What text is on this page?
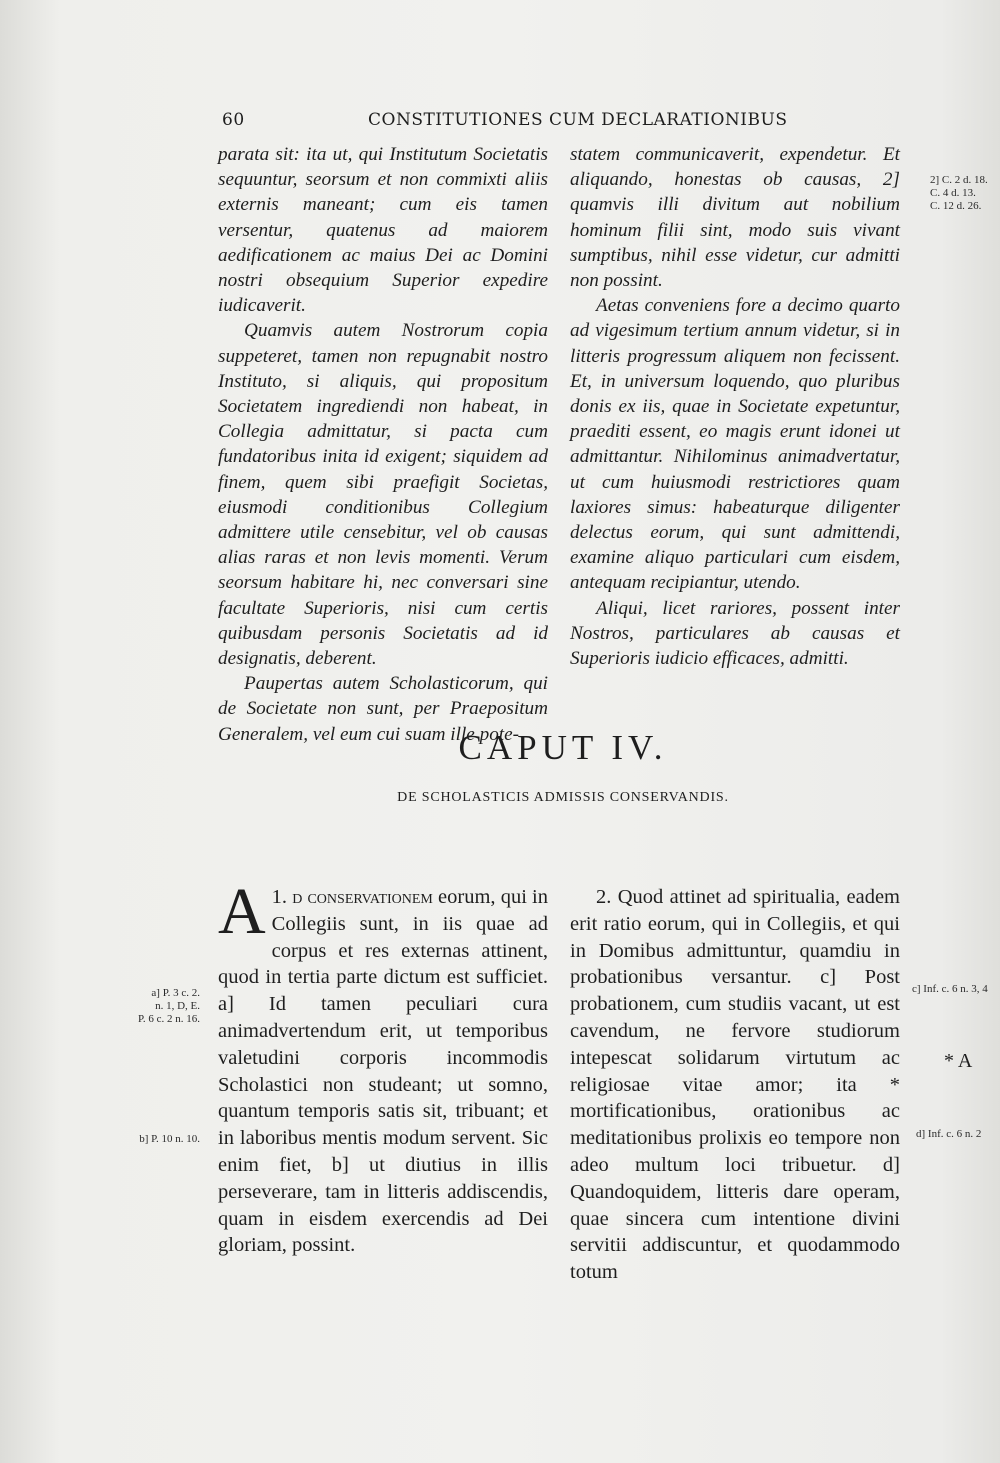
60	CONSTITUTIONES CUM DECLARATIONIBUS

parata sit: ita ut, qui Institutum Societatis sequuntur, seorsum et non commixti aliis externis maneant; cum eis tamen versentur, quatenus ad maiorem aedificationem ac maius Dei ac Domini nostri obsequium Superior expedire iudicaverit.

Quamvis autem Nostrorum copia suppeteret, tamen non repugnabit nostro Instituto, si aliquis, qui propositum Societatem ingrediendi non habeat, in Collegia admittatur, si pacta cum fundatoribus inita id exigent; siquidem ad finem, quem sibi praefigit Societas, eiusmodi conditionibus Collegium admittere utile censebitur, vel ob causas alias raras et non levis momenti. Verum seorsum habitare hi, nec conversari sine facultate Superioris, nisi cum certis quibusdam personis Societatis ad id designatis, deberent.

Paupertas autem Scholasticorum, qui de Societate non sunt, per Praepositum Generalem, vel eum cui suam ille pote-

statem communicaverit, expendetur. Et aliquando, honestas ob causas, 2] quamvis illi divitum aut nobilium hominum filii sint, modo suis vivant sumptibus, nihil esse videtur, cur admitti non possint.

Aetas conveniens fore a decimo quarto ad vigesimum tertium annum videtur, si in litteris progressum aliquem non fecissent. Et, in universum loquendo, quo pluribus donis ex iis, quae in Societate expetuntur, praediti essent, eo magis erunt idonei ut admittantur. Nihilominus animadvertatur, ut cum huiusmodi restrictiores quam laxiores simus: habeaturque diligenter delectus eorum, qui sunt admittendi, examine aliquo particulari cum eisdem, antequam recipiantur, utendo.

Aliqui, licet rariores, possent inter Nostros, particulares ab causas et Superioris iudicio efficaces, admitti.

CAPUT IV.
DE SCHOLASTICIS ADMISSIS CONSERVANDIS.

1.
A d conservationem eorum, qui in Collegiis sunt, in iis quae ad corpus et res externas attinent, quod in tertia parte dictum est sufficiet. a] Id tamen peculiari cura animadvertendum erit, ut temporibus valetudini corporis incommodis Scholastici non studeant; ut somno, quantum temporis satis sit, tribuant; et in laboribus mentis modum servent. Sic enim fiet, b] ut diutius in illis perseverare, tam in litteris addiscendis, quam in eisdem exercendis ad Dei gloriam, possint.

2. Quod attinet ad spiritualia, eadem erit ratio eorum, qui in Collegiis, et qui in Domibus admittuntur, quamdiu in probationibus versantur. c] Post probationem, cum studiis vacant, ut est cavendum, ne fervore studiorum intepescat solidarum virtutum ac religiosae vitae amor; ita * mortificationibus, orationibus ac meditationibus prolixis eo tempore non adeo multum loci tribuetur. d] Quandoquidem, litteris dare operam, quae sincera cum intentione divini servitii addiscuntur, et quodammodo totum

2] C. 2 d. 18.
C. 4 d. 13.
C. 12 d. 26.
a] P. 3 c. 2.
n. 1, D, E.
P. 6 c. 2 n. 16.
b] P. 10 n. 10.
c] Inf. c. 6 n. 3, 4
* A
d] Inf. c. 6 n. 2
